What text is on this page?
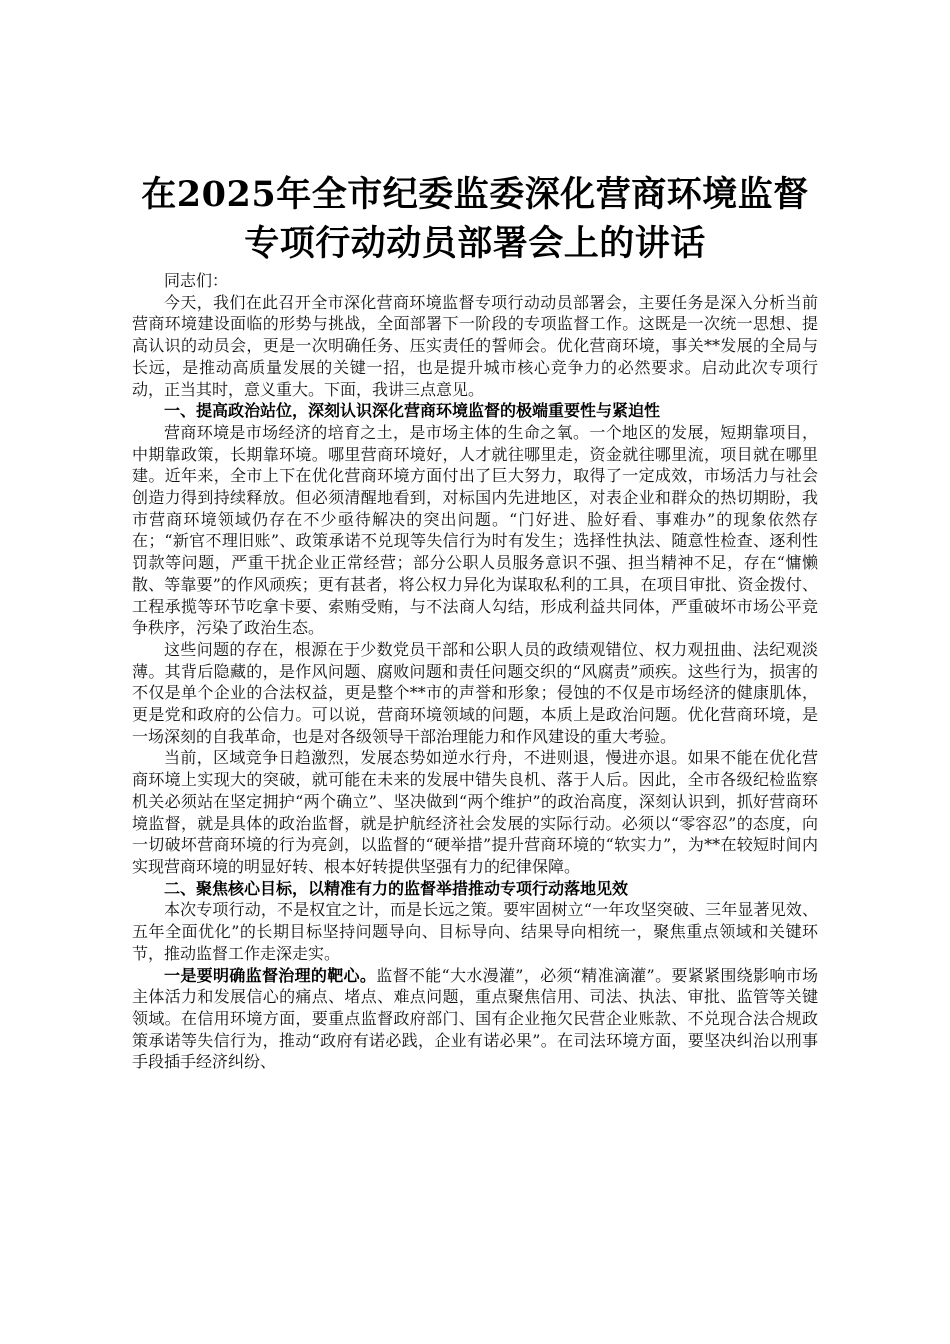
在2025年全市纪委监委深化营商环境监督专项行动动员部署会上的讲话

同志们：

今天，我们在此召开全市深化营商环境监督专项行动动员部署会，主要任务是深入分析当前营商环境建设面临的形势与挑战，全面部署下一阶段的专项监督工作。这既是一次统一思想、提高认识的动员会，更是一次明确任务、压实责任的誓师会。优化营商环境，事关**发展的全局与长远，是推动高质量发展的关键一招，也是提升城市核心竞争力的必然要求。启动此次专项行动，正当其时，意义重大。下面，我讲三点意见。

一、提高政治站位，深刻认识深化营商环境监督的极端重要性与紧迫性

营商环境是市场经济的培育之土，是市场主体的生命之氧。一个地区的发展，短期靠项目，中期靠政策，长期靠环境。哪里营商环境好，人才就往哪里走，资金就往哪里流，项目就在哪里建。近年来，全市上下在优化营商环境方面付出了巨大努力，取得了一定成效，市场活力与社会创造力得到持续释放。但必须清醒地看到，对标国内先进地区，对表企业和群众的热切期盼，我市营商环境领域仍存在不少亟待解决的突出问题。“门好进、脸好看、事难办”的现象依然存在；“新官不理旧账”、政策承诺不兑现等失信行为时有发生；选择性执法、随意性检查、逐利性罚款等问题，严重干扰企业正常经营；部分公职人员服务意识不强、担当精神不足，存在“慵懒散、等靠要”的作风顽疾；更有甚者，将公权力异化为谋取私利的工具，在项目审批、资金拨付、工程承揽等环节吃拿卡要、索贿受贿，与不法商人勾结，形成利益共同体，严重破坏市场公平竞争秩序，污染了政治生态。

这些问题的存在，根源在于少数党员干部和公职人员的政绩观错位、权力观扭曲、法纪观淡薄。其背后隐藏的，是作风问题、腐败问题和责任问题交织的“风腐责”顽疾。这些行为，损害的不仅是单个企业的合法权益，更是整个**市的声誉和形象；侵蚀的不仅是市场经济的健康肌体，更是党和政府的公信力。可以说，营商环境领域的问题，本质上是政治问题。优化营商环境，是一场深刻的自我革命，也是对各级领导干部治理能力和作风建设的重大考验。

当前，区域竞争日趋激烈，发展态势如逆水行舟，不进则退，慢进亦退。如果不能在优化营商环境上实现大的突破，就可能在未来的发展中错失良机、落于人后。因此，全市各级纪检监察机关必须站在坚定拥护“两个确立”、坚决做到“两个维护”的政治高度，深刻认识到，抓好营商环境监督，就是具体的政治监督，就是护航经济社会发展的实际行动。必须以“零容忍”的态度，向一切破坏营商环境的行为亮剑，以监督的“硬举措”提升营商环境的“软实力”，为**在较短时间内实现营商环境的明显好转、根本好转提供坚强有力的纪律保障。

二、聚焦核心目标，以精准有力的监督举措推动专项行动落地见效

本次专项行动，不是权宜之计，而是长远之策。要牢固树立“一年攻坚突破、三年显著见效、五年全面优化”的长期目标坚持问题导向、目标导向、结果导向相统一，聚焦重点领域和关键环节，推动监督工作走深走实。

一是要明确监督治理的靶心。监督不能“大水漫灌”，必须“精准滴灌”。要紧紧围绕影响市场主体活力和发展信心的痛点、堵点、难点问题，重点聚焦信用、司法、执法、审批、监管等关键领域。在信用环境方面，要重点监督政府部门、国有企业拖欠民营企业账款、不兑现合法合规政策承诺等失信行为，推动“政府有诺必践，企业有诺必果”。在司法环境方面，要坚决纠治以刑事手段插手经济纠纷、
